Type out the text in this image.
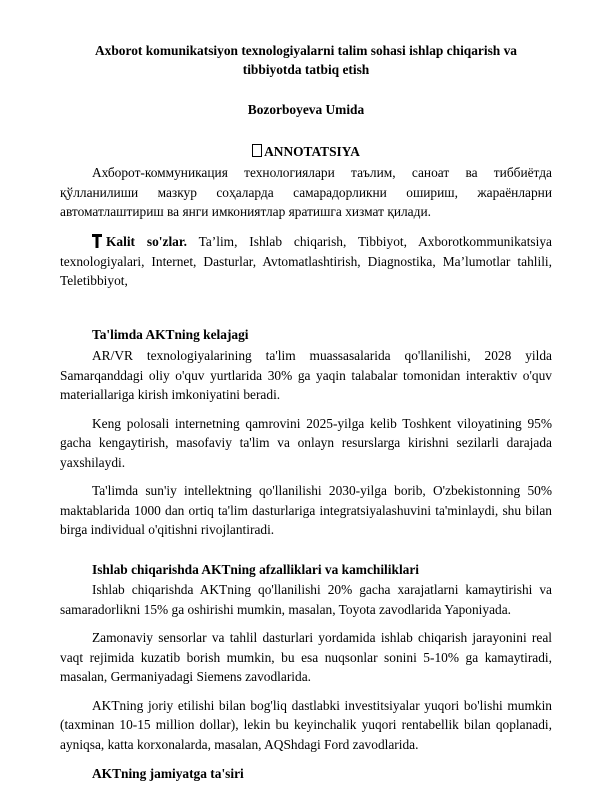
Axborot komunikatsiyon texnologiyalarni talim sohasi ishlap chiqarish va
tibbiyotda tatbiq etish
Bozorboyeva Umida
ANNOTATSIYA

Ахборот-коммуникация технологиялари таълим, саноат ва тиббиётда қўлланилиши мазкур соҳаларда самарадорликни ошириш, жараёнларни автоматлаштириш ва янги имкониятлар яратишга хизмат қилади.

Kalit so'zlar. Ta’lim, Ishlab chiqarish, Tibbiyot, Axborotkommunikatsiya texnologiyalari, Internet, Dasturlar, Avtomatlashtirish, Diagnostika, Ma’lumotlar tahlili, Teletibbiyot,

Ta'limda AKTning kelajagi

AR/VR texnologiyalarining ta'lim muassasalarida qo'llanilishi, 2028 yilda Samarqanddagi oliy o'quv yurtlarida 30% ga yaqin talabalar tomonidan interaktiv o'quv materiallariga kirish imkoniyatini beradi.

Keng polosali internetning qamrovini 2025-yilga kelib Toshkent viloyatining 95% gacha kengaytirish, masofaviy ta'lim va onlayn resurslarga kirishni sezilarli darajada yaxshilaydi.

Ta'limda sun'iy intellektning qo'llanilishi 2030-yilga borib, O'zbekistonning 50% maktablarida 1000 dan ortiq ta'lim dasturlariga integratsiyalashuvini ta'minlaydi, shu bilan birga individual o'qitishni rivojlantiradi.

Ishlab chiqarishda AKTning afzalliklari va kamchiliklari

Ishlab chiqarishda AKTning qo'llanilishi 20% gacha xarajatlarni kamaytirishi va samaradorlikni 15% ga oshirishi mumkin, masalan, Toyota zavodlarida Yaponiyada.

Zamonaviy sensorlar va tahlil dasturlari yordamida ishlab chiqarish jarayonini real vaqt rejimida kuzatib borish mumkin, bu esa nuqsonlar sonini 5-10% ga kamaytiradi, masalan, Germaniyadagi Siemens zavodlarida.

AKTning joriy etilishi bilan bog'liq dastlabki investitsiyalar yuqori bo'lishi mumkin (taxminan 10-15 million dollar), lekin bu keyinchalik yuqori rentabellik bilan qoplanadi, ayniqsa, katta korxonalarda, masalan, AQShdagi Ford zavodlarida.

AKTning jamiyatga ta'siri
